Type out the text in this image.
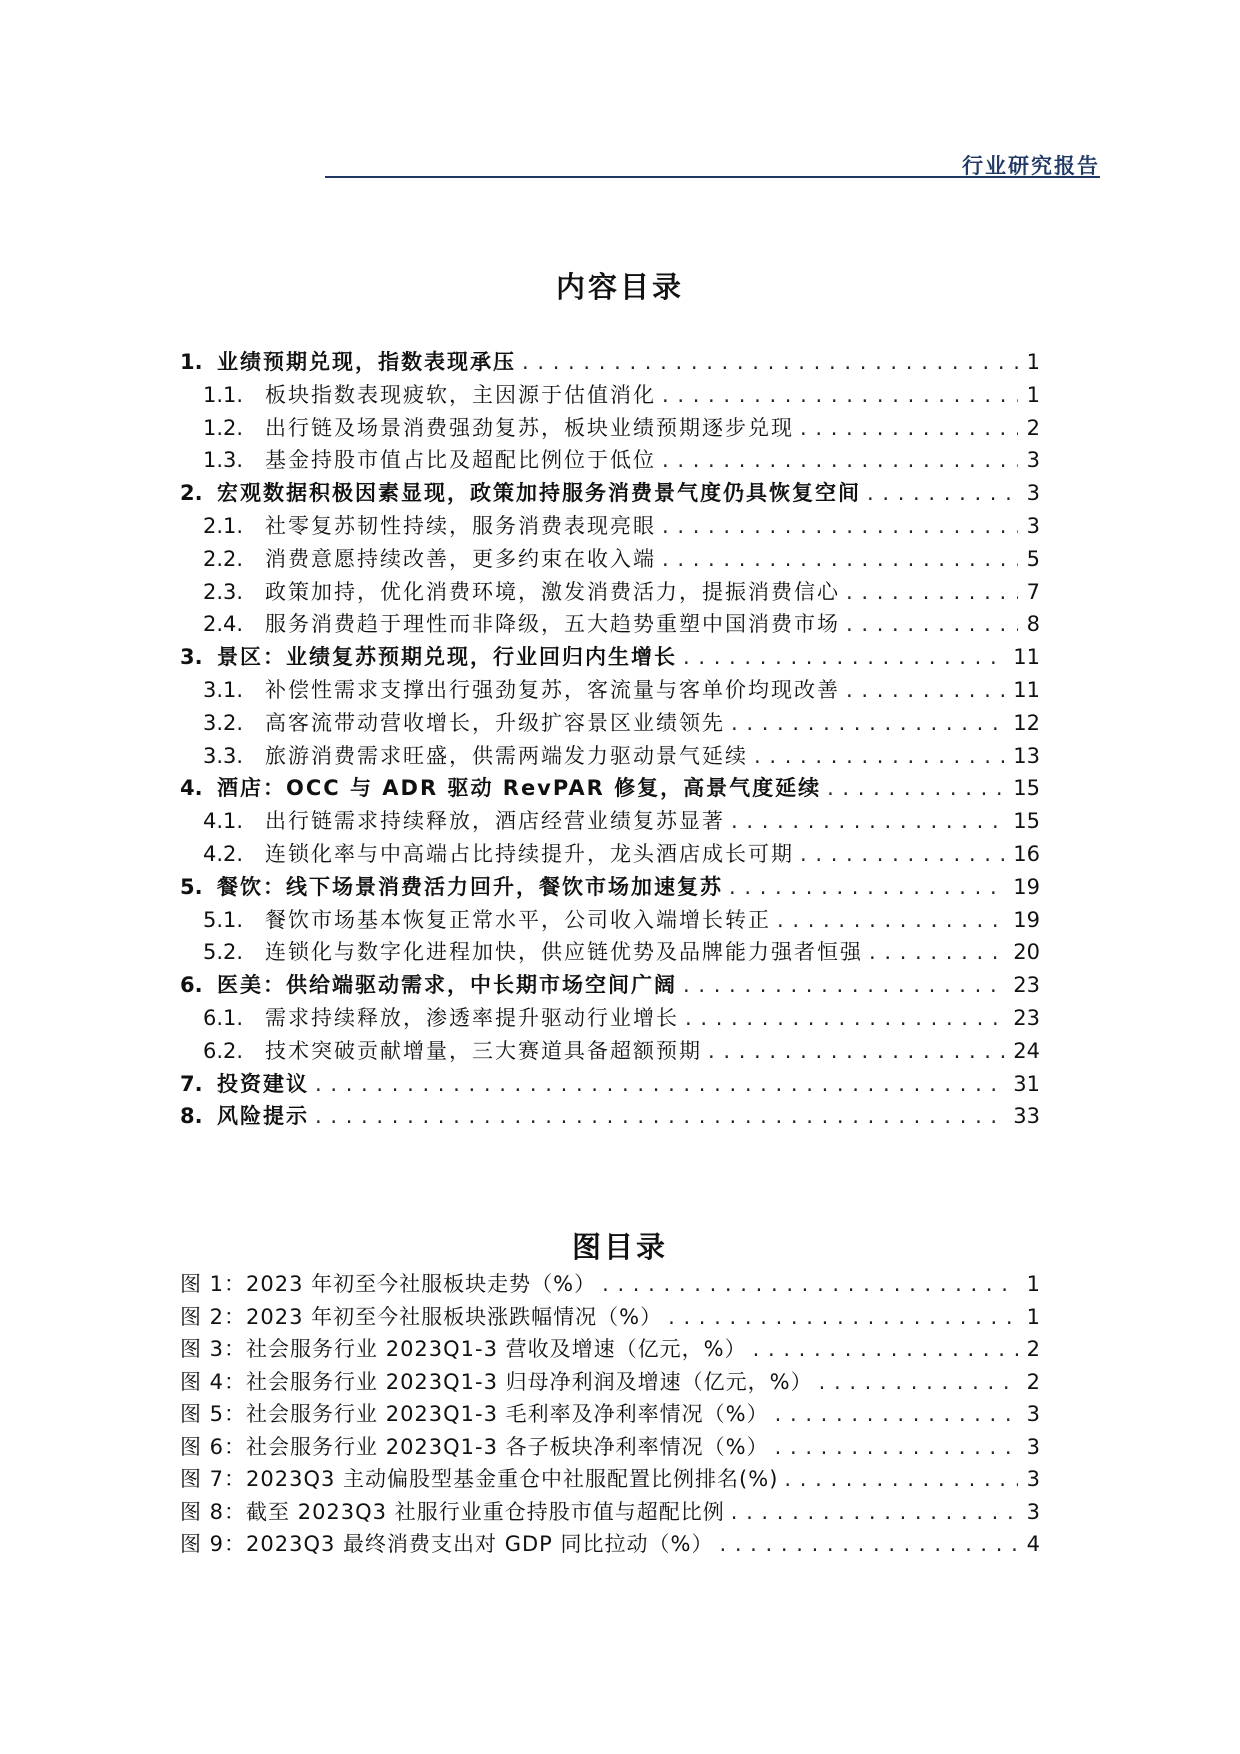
行业研究报告
内容目录
1. 业绩预期兑现，指数表现承压 . . .	1
1.1.	板块指数表现疲软，主因源于估值消化 . . .	1
1.2.	出行链及场景消费强劲复苏，板块业绩预期逐步兑现 . . .	2
1.3.	基金持股市值占比及超配比例位于低位 . . .	3
2. 宏观数据积极因素显现，政策加持服务消费景气度仍具恢复空间 . . .	3
2.1.	社零复苏韧性持续，服务消费表现亮眼 . . .	3
2.2.	消费意愿持续改善，更多约束在收入端 . . .	5
2.3.	政策加持，优化消费环境，激发消费活力，提振消费信心 . . .	7
2.4.	服务消费趋于理性而非降级，五大趋势重塑中国消费市场 . . .	8
3. 景区：业绩复苏预期兑现，行业回归内生增长 . . .	11
3.1.	补偿性需求支撑出行强劲复苏，客流量与客单价均现改善 . . .	11
3.2.	高客流带动营收增长，升级扩容景区业绩领先 . . .	12
3.3.	旅游消费需求旺盛，供需两端发力驱动景气延续 . . .	13
4. 酒店：OCC 与 ADR 驱动 RevPAR 修复，高景气度延续 . . .	15
4.1.	出行链需求持续释放，酒店经营业绩复苏显著 . . .	15
4.2.	连锁化率与中高端占比持续提升，龙头酒店成长可期 . . .	16
5. 餐饮：线下场景消费活力回升，餐饮市场加速复苏 . . .	19
5.1.	餐饮市场基本恢复正常水平，公司收入端增长转正 . . .	19
5.2.	连锁化与数字化进程加快，供应链优势及品牌能力强者恒强 . . .	20
6. 医美：供给端驱动需求，中长期市场空间广阔 . . .	23
6.1.	需求持续释放，渗透率提升驱动行业增长 . . .	23
6.2.	技术突破贡献增量，三大赛道具备超额预期 . . .	24
7. 投资建议 . . .	31
8. 风险提示 . . .	33
图目录
图 1：2023 年初至今社服板块走势（%） . . .	1
图 2：2023 年初至今社服板块涨跌幅情况（%） . . .	1
图 3：社会服务行业 2023Q1-3 营收及增速（亿元，%） . . .	2
图 4：社会服务行业 2023Q1-3 归母净利润及增速（亿元，%） . . .	2
图 5：社会服务行业 2023Q1-3 毛利率及净利率情况（%） . . .	3
图 6：社会服务行业 2023Q1-3 各子板块净利率情况（%） . . .	3
图 7：2023Q3 主动偏股型基金重仓中社服配置比例排名(%) . . .	3
图 8：截至 2023Q3 社服行业重仓持股市值与超配比例 . . .	3
图 9：2023Q3 最终消费支出对 GDP 同比拉动（%） . . .	4
